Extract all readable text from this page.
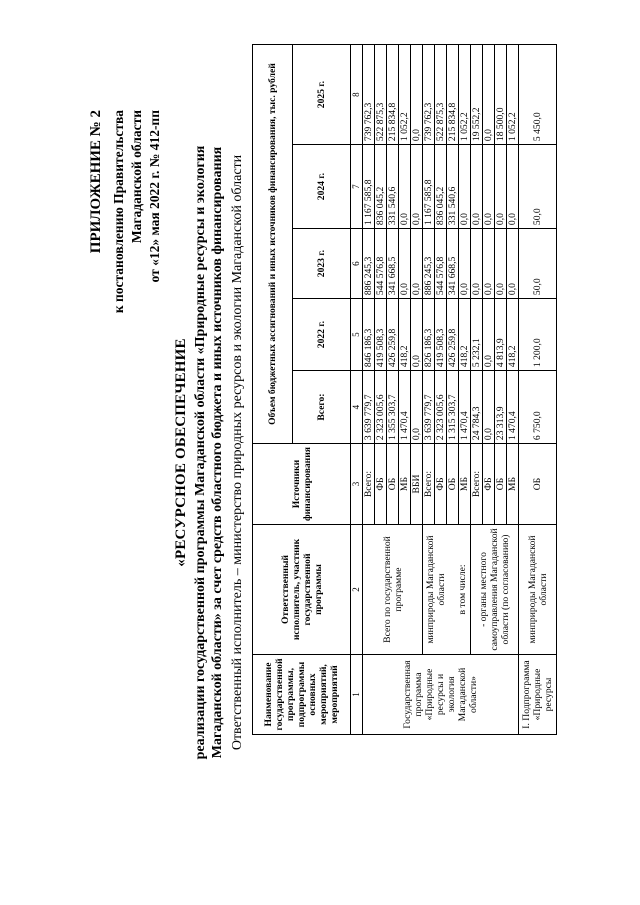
ПРИЛОЖЕНИЕ № 2 к постановлению Правительства Магаданской области от «12» мая 2022 г. № 412-пп
«РЕСУРСНОЕ ОБЕСПЕЧЕНИЕ реализации государственной программы Магаданской области «Природные ресурсы и экология Магаданской области» за счет средств областного бюджета и иных источников финансирования Ответственный исполнитель – министерство природных ресурсов и экологии Магаданской области Наименование государственной программы, подпрограммы основных мероприятий, мероприятий	Ответственный исполнитель, участник государственной программы	Источники финансирования	Объем бюджетных ассигнований и иных источников финансирования, тыс. рублей				
			Всего:	2022 г.	2023 г.	2024 г.	2025 г.
1	2	3	4	5	6	7	8
Государственная программа «Природные ресурсы и экология Магаданской области»	Всего по государственной программе	Всего:	3 639 779,7	846 186,3	886 245,3	1 167 585,8	739 762,3
		ФБ	2 323 005,6	419 508,3	544 576,8	836 045,2	522 875,3
		ОБ	1 355 303,7	426 259,8	341 668,5	331 540,6	215 834,8
		МБ	1 470,4	418,2	0,0	0,0	1 052,2
		ВБИ	0,0	0,0	0,0	0,0	0,0

	минприроды Магаданской области в том числе:	Всего:	3 639 779,7	826 186,3	886 245,3	1 167 585,8	739 762,3
		ФБ	2 323 005,6	419 508,3	544 576,8	836 045,2	522 875,3
		ОБ	1 315 303,7	426 259,8	341 668,5	331 540,6	215 834,8
		МБ	1 470,4	418,2	0,0	0,0	1 052,2
	- органы местного самоуправления Магаданской области (по согласованию)	Всего:	24 784,3	5 232,1	0,0	0,0	19 552,2
		ФБ	0,0	0,0	0,0	0,0	0,0
		ОБ	23 313,9	4 813,9	0,0	0,0	18 500,0
		МБ	1 470,4	418,2	0,0	0,0	1 052,2
I. Подпрограмма «Природные ресурсы	минприроды Магаданской области	ОБ	6 750,0	1 200,0	50,0	50,0	5 450,0
